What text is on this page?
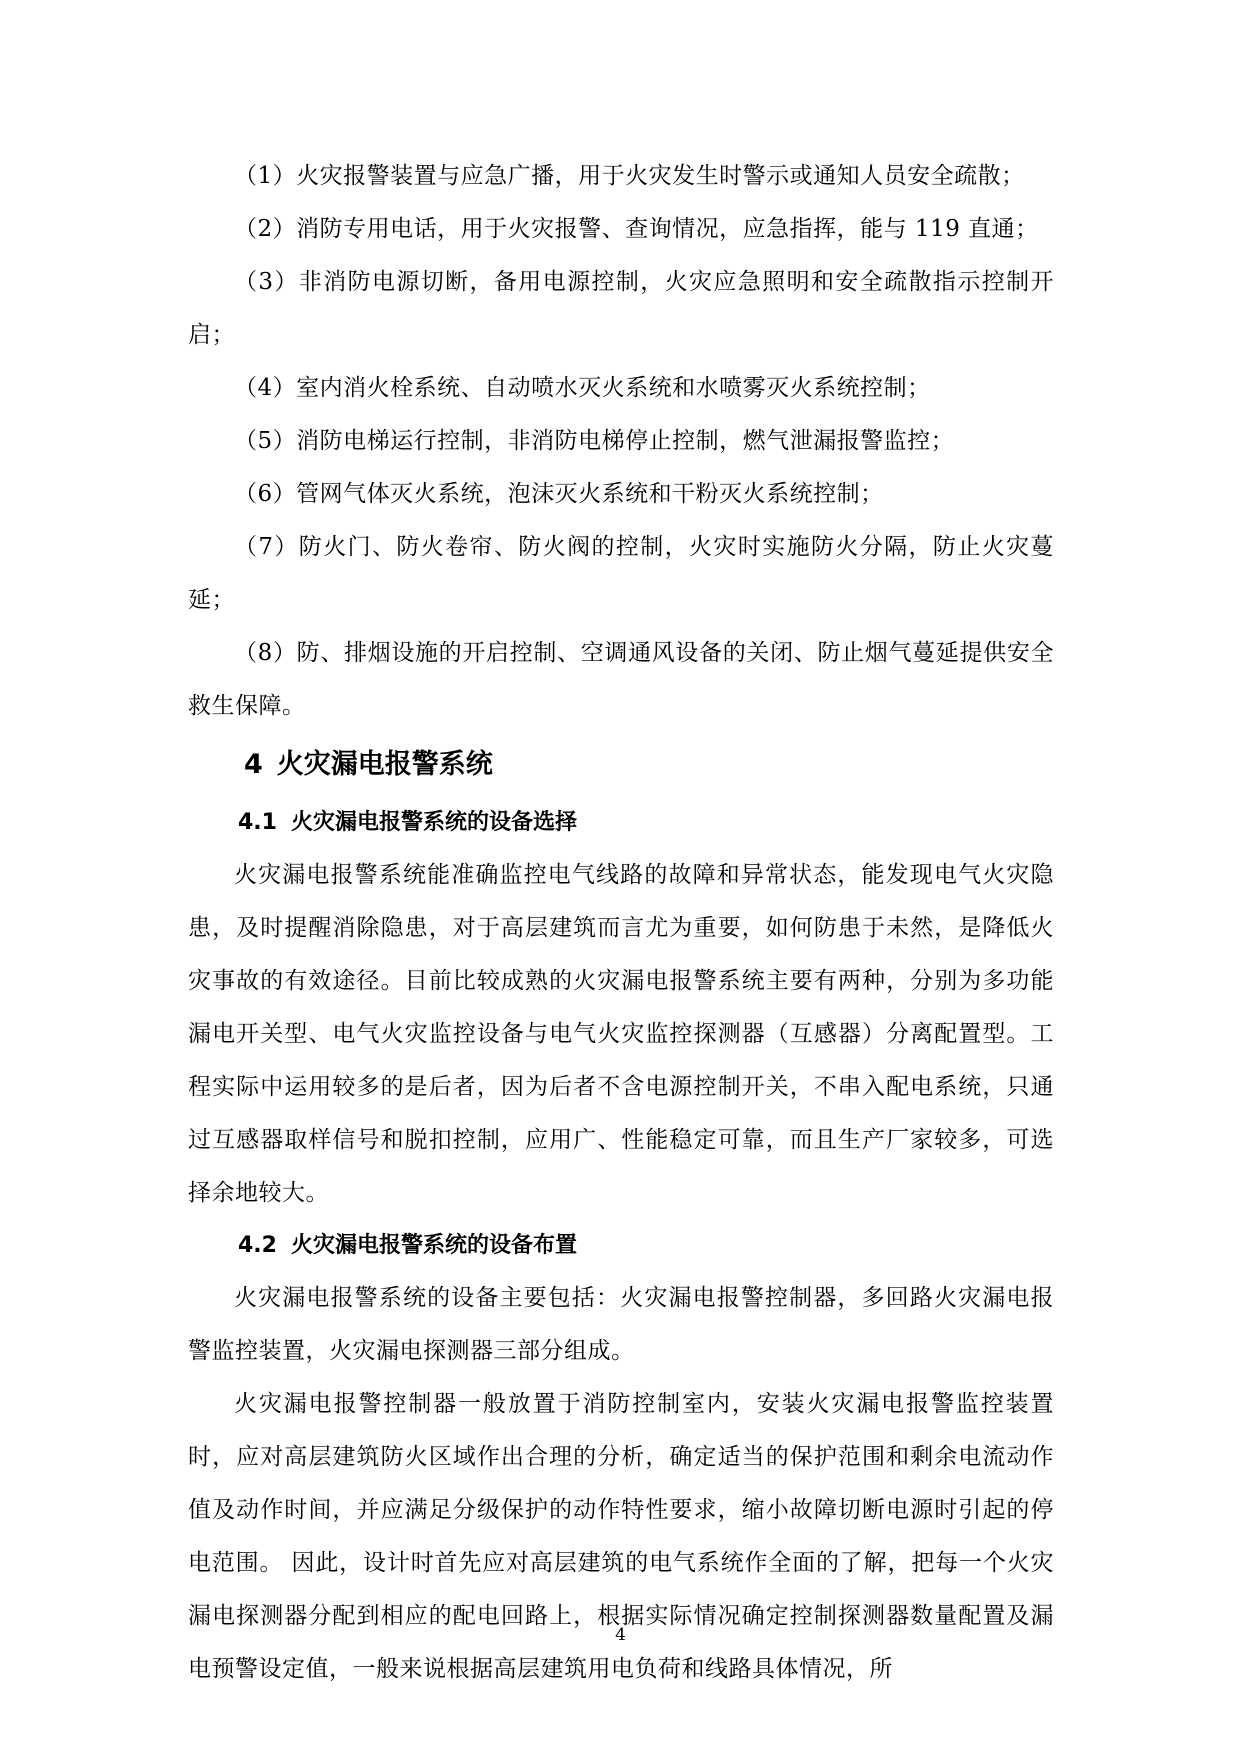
（1）火灾报警装置与应急广播，用于火灾发生时警示或通知人员安全疏散；

（2）消防专用电话，用于火灾报警、查询情况，应急指挥，能与 119 直通；

（3）非消防电源切断，备用电源控制，火灾应急照明和安全疏散指示控制开启；

（4）室内消火栓系统、自动喷水灭火系统和水喷雾灭火系统控制；

（5）消防电梯运行控制，非消防电梯停止控制，燃气泄漏报警监控；

（6）管网气体灭火系统，泡沫灭火系统和干粉灭火系统控制；

（7）防火门、防火卷帘、防火阀的控制，火灾时实施防火分隔，防止火灾蔓延；

（8）防、排烟设施的开启控制、空调通风设备的关闭、防止烟气蔓延提供安全救生保障。

4 火灾漏电报警系统
4.1 火灾漏电报警系统的设备选择

火灾漏电报警系统能准确监控电气线路的故障和异常状态，能发现电气火灾隐患，及时提醒消除隐患，对于高层建筑而言尤为重要，如何防患于未然，是降低火灾事故的有效途径。目前比较成熟的火灾漏电报警系统主要有两种，分别为多功能漏电开关型、电气火灾监控设备与电气火灾监控探测器（互感器）分离配置型。工程实际中运用较多的是后者，因为后者不含电源控制开关，不串入配电系统，只通过互感器取样信号和脱扣控制，应用广、性能稳定可靠，而且生产厂家较多，可选择余地较大。

4.2 火灾漏电报警系统的设备布置

火灾漏电报警系统的设备主要包括：火灾漏电报警控制器，多回路火灾漏电报警监控装置，火灾漏电探测器三部分组成。

火灾漏电报警控制器一般放置于消防控制室内，安装火灾漏电报警监控装置时，应对高层建筑防火区域作出合理的分析，确定适当的保护范围和剩余电流动作值及动作时间，并应满足分级保护的动作特性要求，缩小故障切断电源时引起的停电范围。 因此，设计时首先应对高层建筑的电气系统作全面的了解，把每一个火灾漏电探测器分配到相应的配电回路上，根据实际情况确定控制探测器数量配置及漏电预警设定值，一般来说根据高层建筑用电负荷和线路具体情况，所

4
